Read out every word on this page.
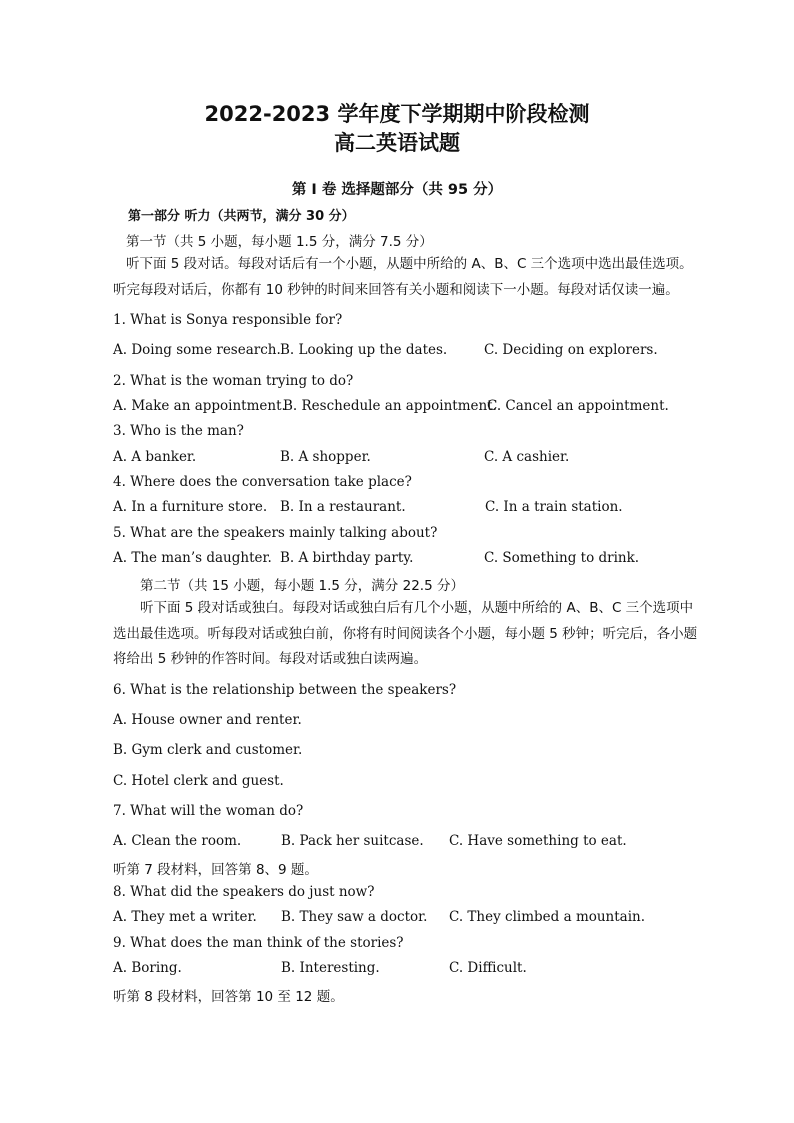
2022-2023 学年度下学期期中阶段检测
高二英语试题
第 I 卷 选择题部分（共 95 分）
第一部分 听力（共两节，满分 30 分）
第一节（共 5 小题，每小题 1.5 分，满分 7.5 分）
听下面 5 段对话。每段对话后有一个小题，从题中所给的 A、B、C 三个选项中选出最佳选项。听完每段对话后，你都有 10 秒钟的时间来回答有关小题和阅读下一小题。每段对话仅读一遍。
1. What is Sonya responsible for?
A. Doing some research. B. Looking up the dates.	C. Deciding on explorers.
2. What is the woman trying to do?
A. Make an appointment.
B. Reschedule an appointment.
C. Cancel an appointment.
3. Who is the man?
A. A banker.	B. A shopper.	C. A cashier.
4. Where does the conversation take place?
A. In a furniture store. B. In a restaurant.	C. In a train station.
5. What are the speakers mainly talking about?
A. The man’s daughter. B. A birthday party.	C. Something to drink.
第二节（共 15 小题，每小题 1.5 分，满分 22.5 分）
听下面 5 段对话或独白。每段对话或独白后有几个小题，从题中所给的 A、B、C 三个选项中选出最佳选项。听每段对话或独白前，你将有时间阅读各个小题，每小题 5 秒钟；听完后，各小题将给出 5 秒钟的作答时间。每段对话或独白读两遍。
6. What is the relationship between the speakers?
A. House owner and renter.
B. Gym clerk and customer.
C. Hotel clerk and guest.
7. What will the woman do?
A. Clean the room.	B. Pack her suitcase. C. Have something to eat.
听第 7 段材料，回答第 8、9 题。
8. What did the speakers do just now?
A. They met a writer. B. They saw a doctor. C. They climbed a mountain.
9. What does the man think of the stories?
A. Boring.	B. Interesting.	C. Difficult.
听第 8 段材料，回答第 10 至 12 题。
